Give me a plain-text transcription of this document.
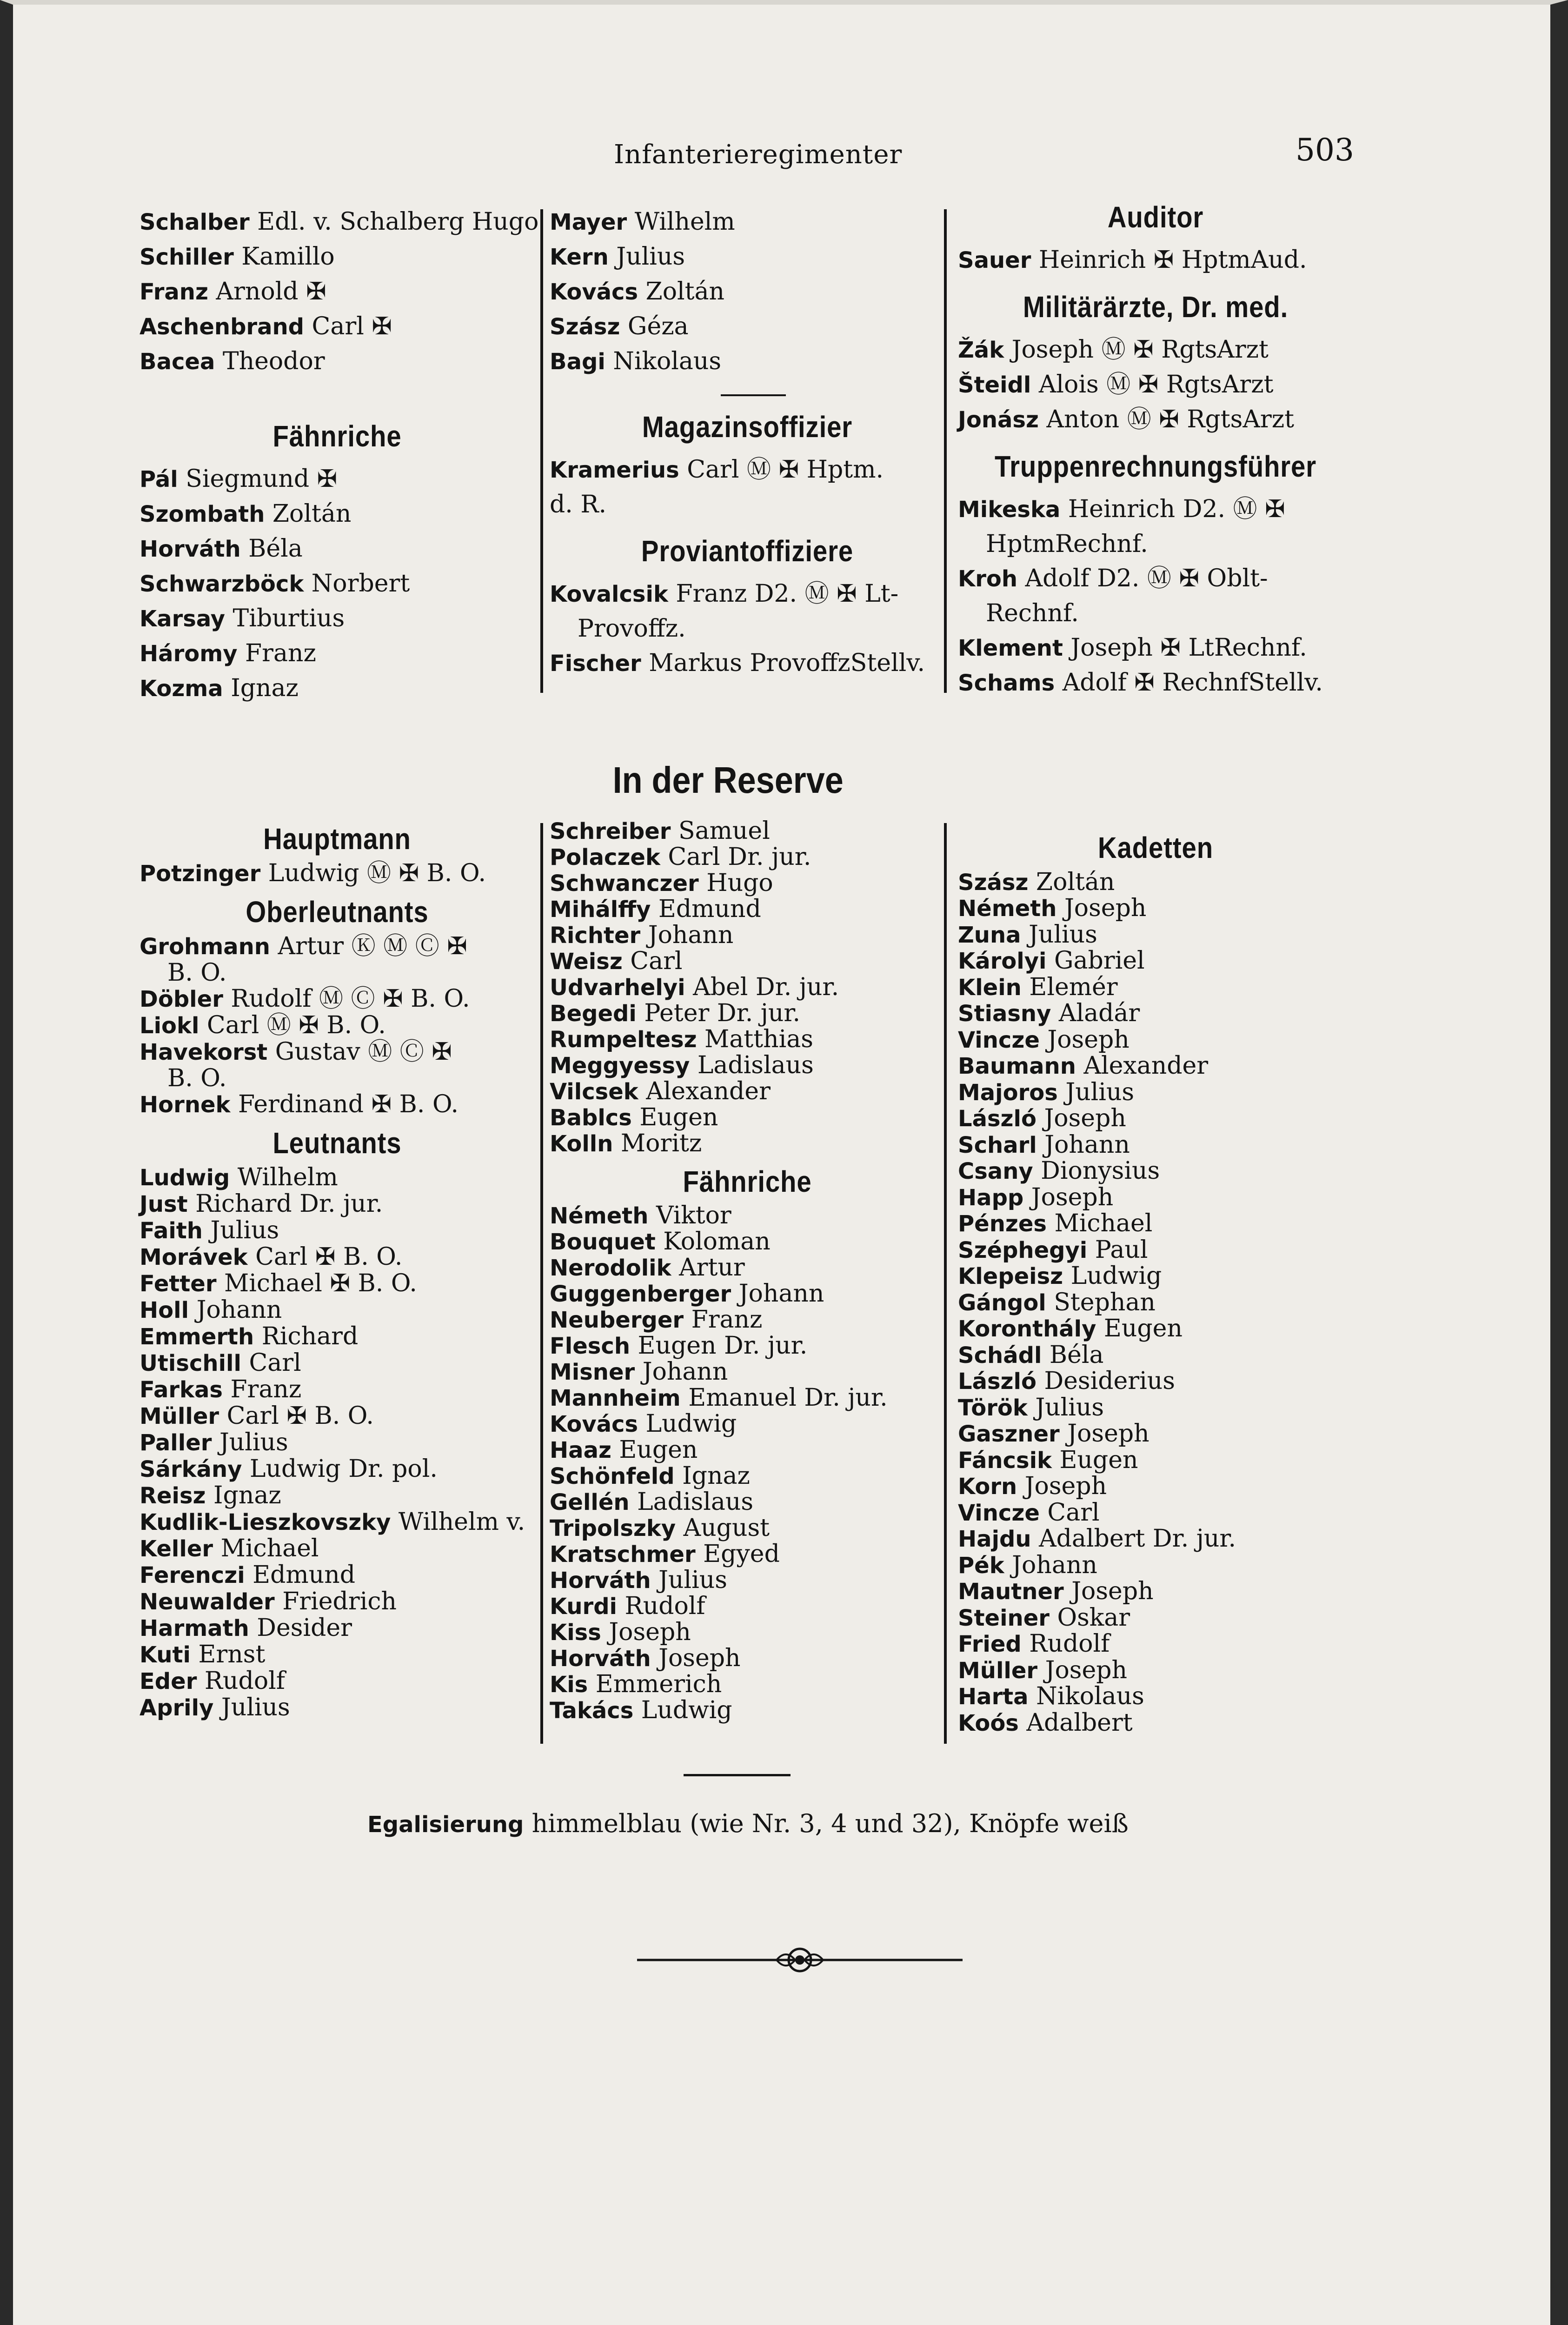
Infanterieregimenter	503
Schalber Edl. v. Schalberg Hugo
Schiller Kamillo
Franz Arnold ✠
Aschenbrand Carl ✠
Bacea Theodor
Fähnriche
Pál Siegmund ✠
Szombath Zoltán
Horváth Béla
Schwarzböck Norbert
Karsay Tiburtius
Háromy Franz
Kozma Ignaz
Mayer Wilhelm
Kern Julius
Kovács Zoltán
Szász Géza
Bagi Nikolaus
Magazinsoffizier
Kramerius Carl Ⓜ ✠ Hptm.
d. R.
Proviantoffiziere
Kovalcsik Franz D2. Ⓜ ✠ Lt-
Provoffz.
Fischer Markus ProvoffzStellv.
Auditor
Sauer Heinrich ✠ HptmAud.
Militärärzte, Dr. med.
Žák Joseph Ⓜ ✠ RgtsArzt
Šteidl Alois Ⓜ ✠ RgtsArzt
Jonász Anton Ⓜ ✠ RgtsArzt
Truppenrechnungsführer
Mikeska Heinrich D2. Ⓜ ✠
HptmRechnf.
Kroh Adolf D2. Ⓜ ✠ Oblt-
Rechnf.
Klement Joseph ✠ LtRechnf.
Schams Adolf ✠ RechnfStellv.
In der Reserve
Hauptmann
Potzinger Ludwig Ⓜ ✠ B. O.
Oberleutnants
Grohmann Artur Ⓚ Ⓜ Ⓒ ✠
B. O.
Döbler Rudolf Ⓜ Ⓒ ✠ B. O.
Liokl Carl Ⓜ ✠ B. O.
Havekorst Gustav Ⓜ Ⓒ ✠
B. O.
Hornek Ferdinand ✠ B. O.
Leutnants
Ludwig Wilhelm
Just Richard Dr. jur.
Faith Julius
Morávek Carl ✠ B. O.
Fetter Michael ✠ B. O.
Holl Johann
Emmerth Richard
Utischill Carl
Farkas Franz
Müller Carl ✠ B. O.
Paller Julius
Sárkány Ludwig Dr. pol.
Reisz Ignaz
Kudlik-Lieszkovszky Wilhelm v.
Keller Michael
Ferenczi Edmund
Neuwalder Friedrich
Harmath Desider
Kuti Ernst
Eder Rudolf
Aprily Julius
Schreiber Samuel
Polaczek Carl Dr. jur.
Schwanczer Hugo
Mihálffy Edmund
Richter Johann
Weisz Carl
Udvarhelyi Abel Dr. jur.
Begedi Peter Dr. jur.
Rumpeltesz Matthias
Meggyessy Ladislaus
Vilcsek Alexander
Bablcs Eugen
Kolln Moritz
Fähnriche
Németh Viktor
Bouquet Koloman
Nerodolik Artur
Guggenberger Johann
Neuberger Franz
Flesch Eugen Dr. jur.
Misner Johann
Mannheim Emanuel Dr. jur.
Kovács Ludwig
Haaz Eugen
Schönfeld Ignaz
Gellén Ladislaus
Tripolszky August
Kratschmer Egyed
Horváth Julius
Kurdi Rudolf
Kiss Joseph
Horváth Joseph
Kis Emmerich
Takács Ludwig
Kadetten
Szász Zoltán
Németh Joseph
Zuna Julius
Károlyi Gabriel
Klein Elemér
Stiasny Aladár
Vincze Joseph
Baumann Alexander
Majoros Julius
László Joseph
Scharl Johann
Csany Dionysius
Happ Joseph
Pénzes Michael
Széphegyi Paul
Klepeisz Ludwig
Gángol Stephan
Koronthály Eugen
Schádl Béla
László Desiderius
Török Julius
Gaszner Joseph
Fáncsik Eugen
Korn Joseph
Vincze Carl
Hajdu Adalbert Dr. jur.
Pék Johann
Mautner Joseph
Steiner Oskar
Fried Rudolf
Müller Joseph
Harta Nikolaus
Koós Adalbert
Egalisierung himmelblau (wie Nr. 3, 4 und 32), Knöpfe weiß
